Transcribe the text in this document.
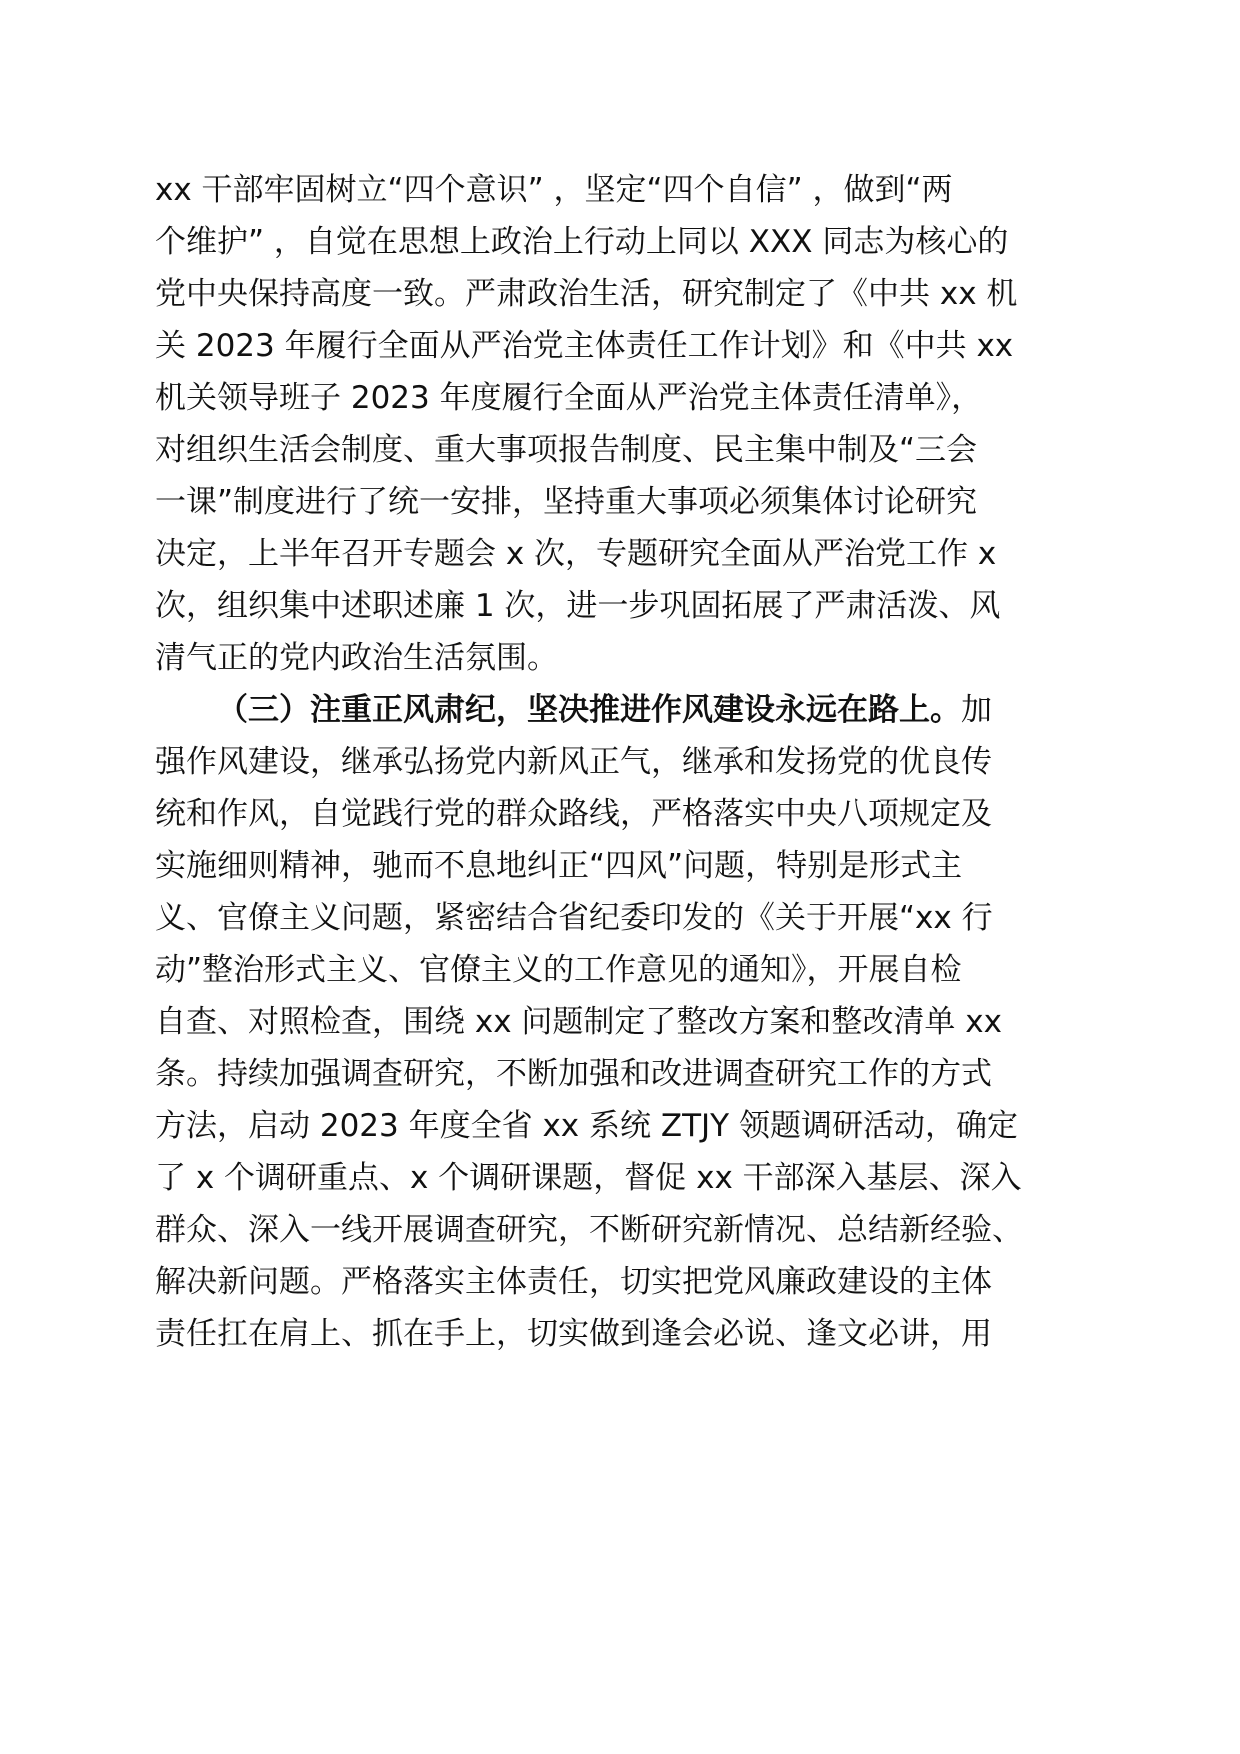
xx 干部牢固树立“四个意识” ，坚定“四个自信” ，做到“两
个维护” ，自觉在思想上政治上行动上同以 XXX 同志为核心的
党中央保持高度一致。严肃政治生活，研究制定了《中共 xx 机
关 2023 年履行全面从严治党主体责任工作计划》和《中共 xx
机关领导班子 2023 年度履行全面从严治党主体责任清单》，
对组织生活会制度、重大事项报告制度、民主集中制及“三会
一课”制度进行了统一安排，坚持重大事项必须集体讨论研究
决定，上半年召开专题会 x 次，专题研究全面从严治党工作 x
次，组织集中述职述廉 1 次，进一步巩固拓展了严肃活泼、风
清气正的党内政治生活氛围。
（三）注重正风肃纪，坚决推进作风建设永远在路上。加
强作风建设，继承弘扬党内新风正气，继承和发扬党的优良传
统和作风，自觉践行党的群众路线，严格落实中央八项规定及
实施细则精神，驰而不息地纠正“四风”问题，特别是形式主
义、官僚主义问题，紧密结合省纪委印发的《关于开展“xx 行
动”整治形式主义、官僚主义的工作意见的通知》，开展自检
自查、对照检查，围绕 xx 问题制定了整改方案和整改清单 xx
条。持续加强调查研究，不断加强和改进调查研究工作的方式
方法，启动 2023 年度全省 xx 系统 ZTJY 领题调研活动，确定
了 x 个调研重点、x 个调研课题，督促 xx 干部深入基层、深入
群众、深入一线开展调查研究，不断研究新情况、总结新经验、
解决新问题。严格落实主体责任，切实把党风廉政建设的主体
责任扛在肩上、抓在手上，切实做到逢会必说、逢文必讲，用
